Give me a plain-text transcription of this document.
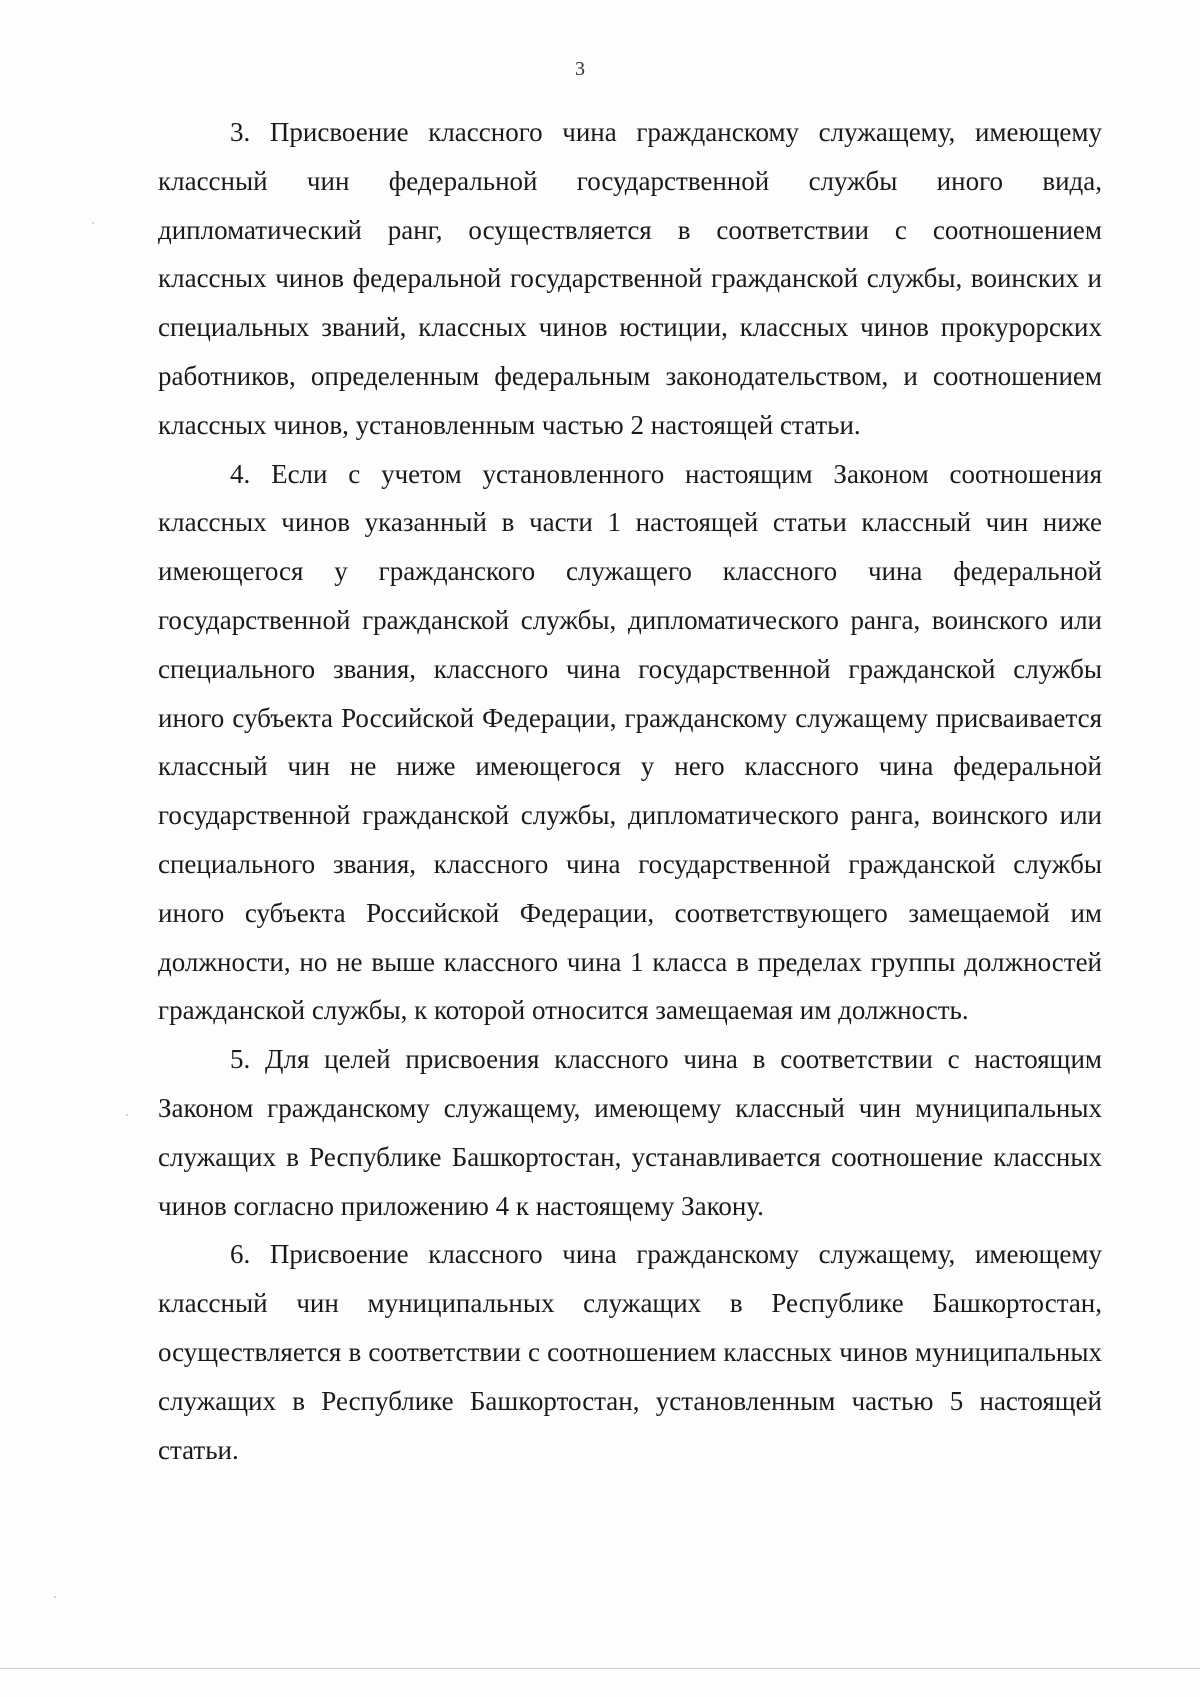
3

3. Присвоение классного чина гражданскому служащему, имеющему классный чин федеральной государственной службы иного вида, дипломатический ранг, осуществляется в соответствии с соотношением классных чинов федеральной государственной гражданской службы, воинских и специальных званий, классных чинов юстиции, классных чинов прокурорских работников, определенным федеральным законодательством, и соотношением классных чинов, установленным частью 2 настоящей статьи.

4. Если с учетом установленного настоящим Законом соотношения классных чинов указанный в части 1 настоящей статьи классный чин ниже имеющегося у гражданского служащего классного чина федеральной государственной гражданской службы, дипломатического ранга, воинского или специального звания, классного чина государственной гражданской службы иного субъекта Российской Федерации, гражданскому служащему присваивается классный чин не ниже имеющегося у него классного чина федеральной государственной гражданской службы, дипломатического ранга, воинского или специального звания, классного чина государственной гражданской службы иного субъекта Российской Федерации, соответствующего замещаемой им должности, но не выше классного чина 1 класса в пределах группы должностей гражданской службы, к которой относится замещаемая им должность.

5. Для целей присвоения классного чина в соответствии с настоящим Законом гражданскому служащему, имеющему классный чин муниципальных служащих в Республике Башкортостан, устанавливается соотношение классных чинов согласно приложению 4 к настоящему Закону.

6. Присвоение классного чина гражданскому служащему, имеющему классный чин муниципальных служащих в Республике Башкортостан, осуществляется в соответствии с соотношением классных чинов муниципальных служащих в Республике Башкортостан, установленным частью 5 настоящей статьи.
